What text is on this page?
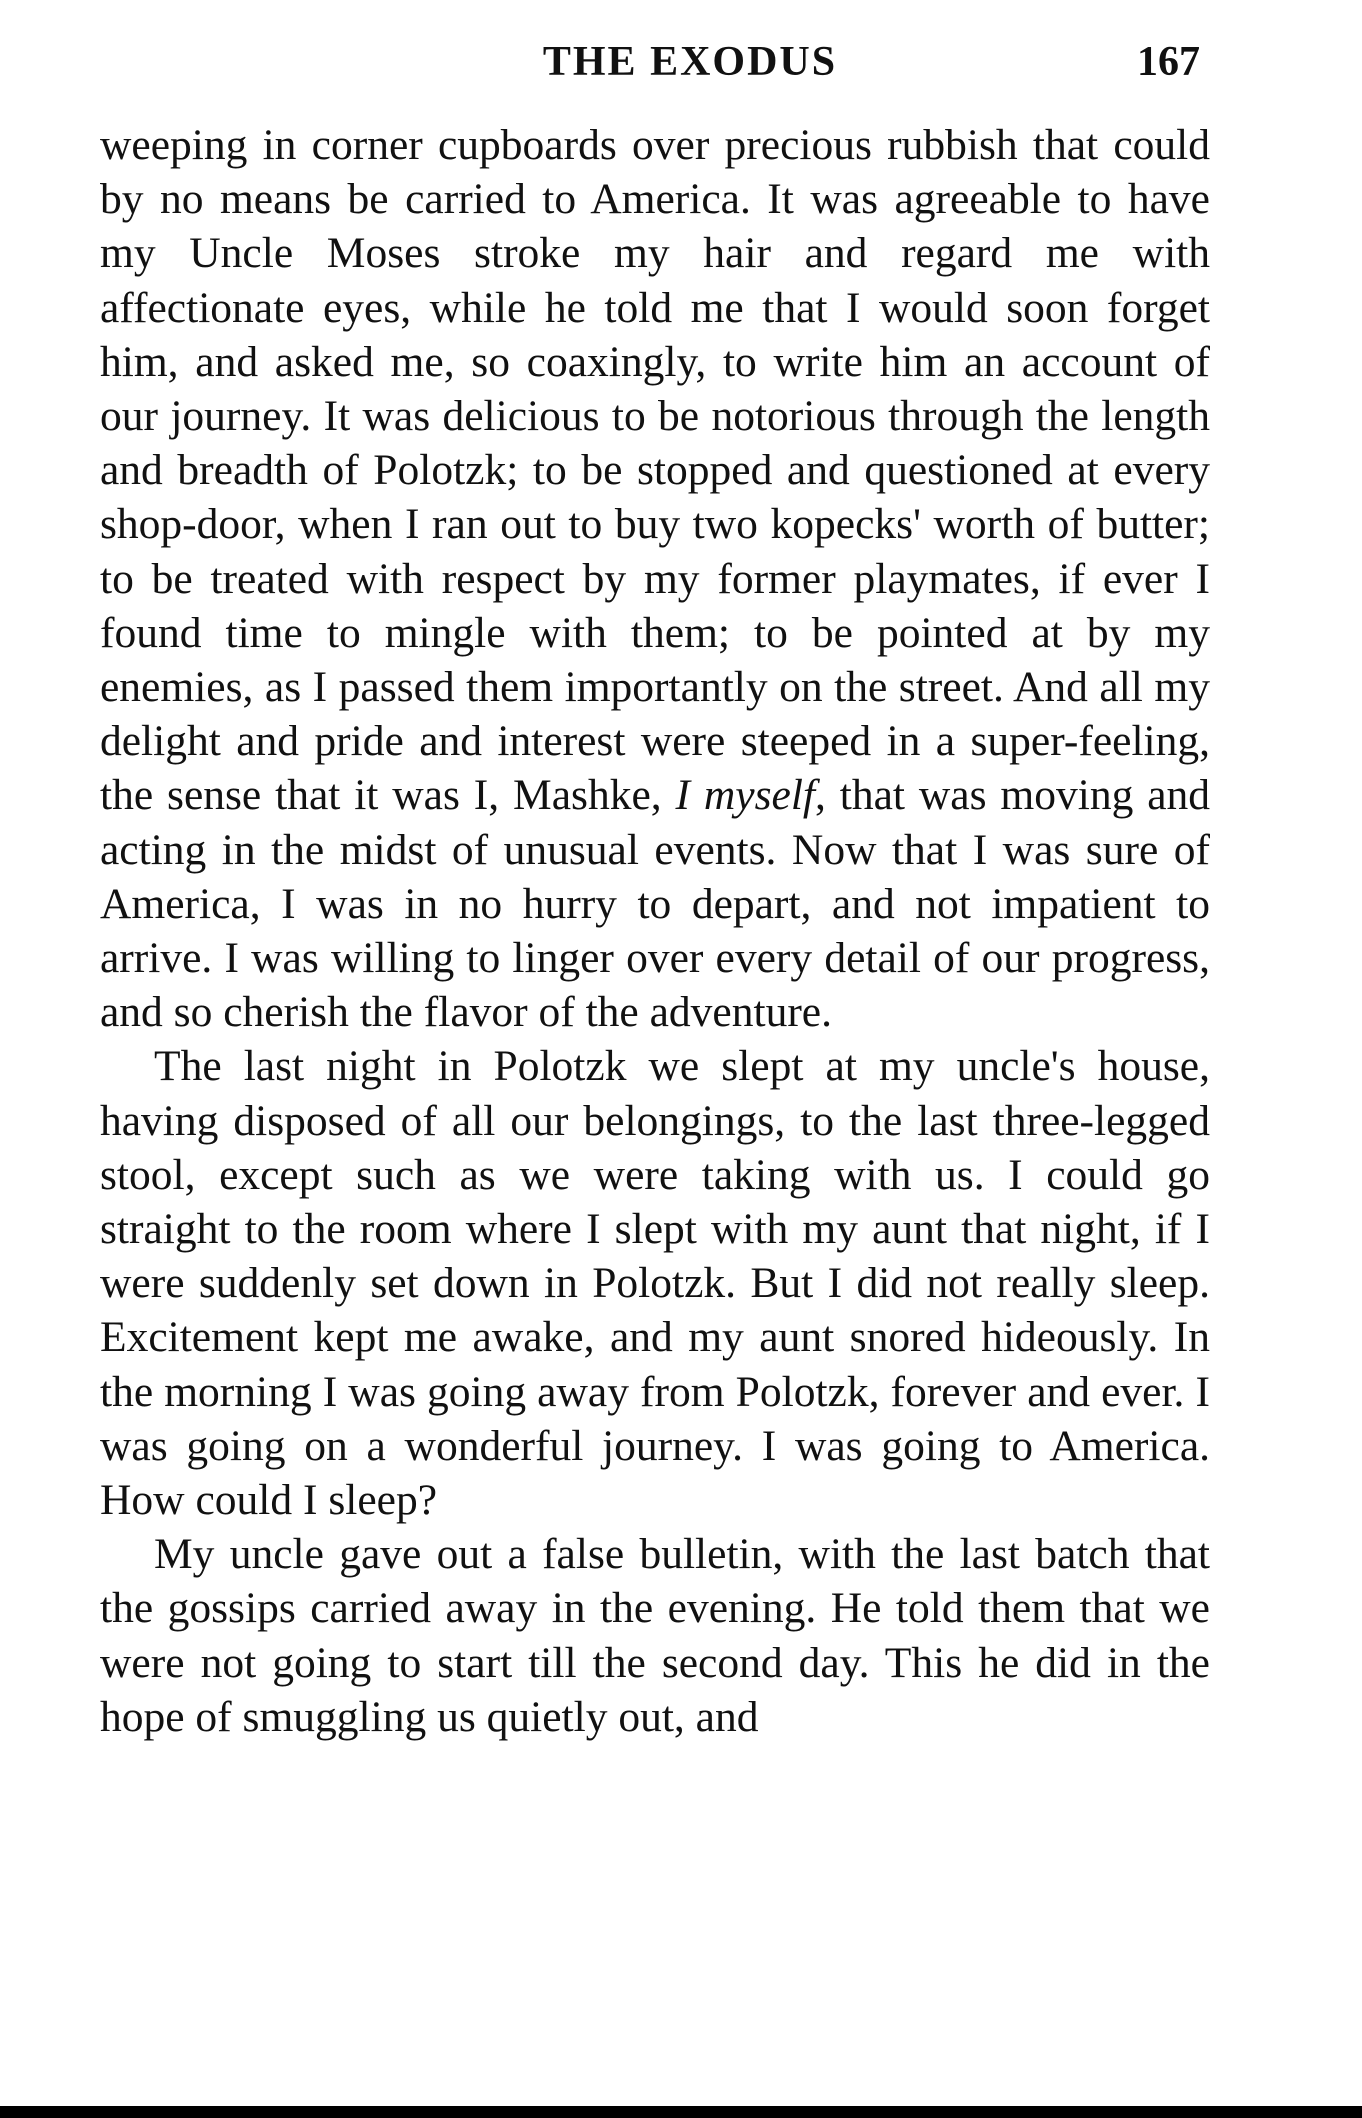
THE EXODUS	167

weeping in corner cupboards over precious rubbish that could by no means be carried to America. It was agreeable to have my Uncle Moses stroke my hair and regard me with affectionate eyes, while he told me that I would soon forget him, and asked me, so coaxingly, to write him an account of our journey. It was delicious to be notorious through the length and breadth of Polotzk; to be stopped and questioned at every shop-door, when I ran out to buy two kopecks' worth of butter; to be treated with respect by my former playmates, if ever I found time to mingle with them; to be pointed at by my enemies, as I passed them importantly on the street. And all my delight and pride and interest were steeped in a super-feeling, the sense that it was I, Mashke, I myself, that was moving and acting in the midst of unusual events. Now that I was sure of America, I was in no hurry to depart, and not impatient to arrive. I was willing to linger over every detail of our progress, and so cherish the flavor of the adventure.

The last night in Polotzk we slept at my uncle's house, having disposed of all our belongings, to the last three-legged stool, except such as we were taking with us. I could go straight to the room where I slept with my aunt that night, if I were suddenly set down in Polotzk. But I did not really sleep. Excitement kept me awake, and my aunt snored hideously. In the morning I was going away from Polotzk, forever and ever. I was going on a wonderful journey. I was going to America. How could I sleep?

My uncle gave out a false bulletin, with the last batch that the gossips carried away in the evening. He told them that we were not going to start till the second day. This he did in the hope of smuggling us quietly out, and
